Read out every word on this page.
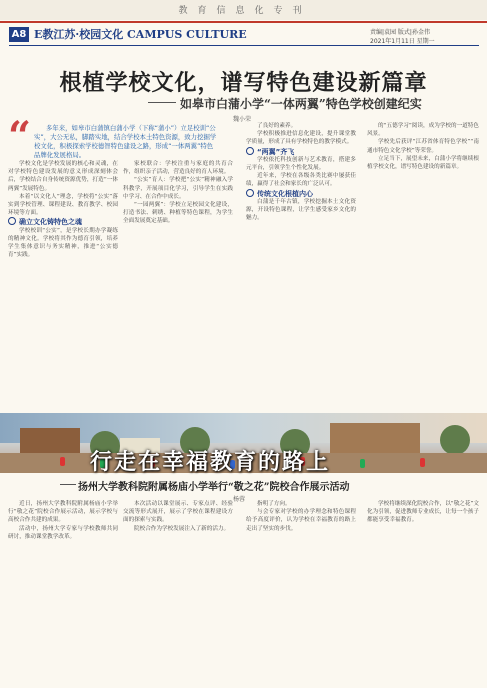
教育信息化专刊
A8 E教江苏·校园文化 CAMPUS CULTURE	责编|袁园 版式|孙金伟
2021年1月11日 星期一
根植学校文化，谱写特色建设新篇章
如皋市白蒲小学“一体两翼”特色学校创建纪实
魏小荣
“	多年来，如皋市白蒲镇白蒲小学（下称“蒲小”）立足校训“公实”，大公无私，脚踏实地，结合学校本土特色资源，致力挖掘学校文化，积极探索学校德智特色建设之路，形成“一体两翼”特色品牌化发展格局。

学校文化是学校发展的核心和灵魂，在对学校特色建设发展的意义形成深刻体会后，学校结合自身传统资源优势，打造“一体两翼”发展特色。

本着“以文化人”理念，学校将“公实”落实到学校管理、课程建设、教育教学、校园环境等方面。

确立文化铸特色之魂

学校校训“公实”，是学校长期办学凝练的精神文化。学校将其作为德育引领，培养学生集体意识与务实精神，推进“公实德育”实践。

家校联合：学校注重与家庭的共育合作，组织亲子活动，营造良好的育人环境。

“公实”育人：学校把“公实”精神融入学科教学，开展项目化学习，引导学生在实践中学习、在合作中成长。

“一园两翼”：学校立足校园文化建设，打造书法、刺绣、种植等特色课程，为学生全面发展奠定基础。

了良好的素养。

学校积极推进信息化建设，提升课堂教学质量，形成了具有学校特色的教学模式。

“两翼”齐飞

学校依托科技创新与艺术教育，搭建多元平台，引领学生个性化发展。

近年来，学校在各级各类比赛中屡获佳绩，赢得了社会和家长的广泛认可。

传统文化根植内心

白蒲是千年古镇，学校挖掘本土文化资源，开设特色课程，让学生感受家乡文化的魅力。

的“五德学习”阅读，成为学校的一道特色风景。

学校先后获评“江苏省体育特色学校”“南通市特色文化学校”等荣誉。

立足当下，展望未来，白蒲小学将继续根植学校文化，谱写特色建设的新篇章。

行走在幸福教育的路上
扬州大学教科院附属杨庙小学举行“敬之花”院校合作展示活动
杨蓉

近日，扬州大学教科院附属杨庙小学举行“敬之花”院校合作展示活动，展示学校与高校合作共建的成果。

活动中，扬州大学专家与学校教师共同研讨，推动课堂教学改革。

本次活动以课堂展示、专家点评、经验交流等形式展开，展示了学校在课程建设方面的探索与实践。

院校合作为学校发展注入了新的活力。

指明了方向。

与会专家对学校的办学理念和特色课程给予高度评价，认为学校在幸福教育的路上走出了坚实的步伐。

学校将继续深化院校合作，以“敬之花”文化为引领，促进教师专业成长，让每一个孩子都能享受幸福教育。
